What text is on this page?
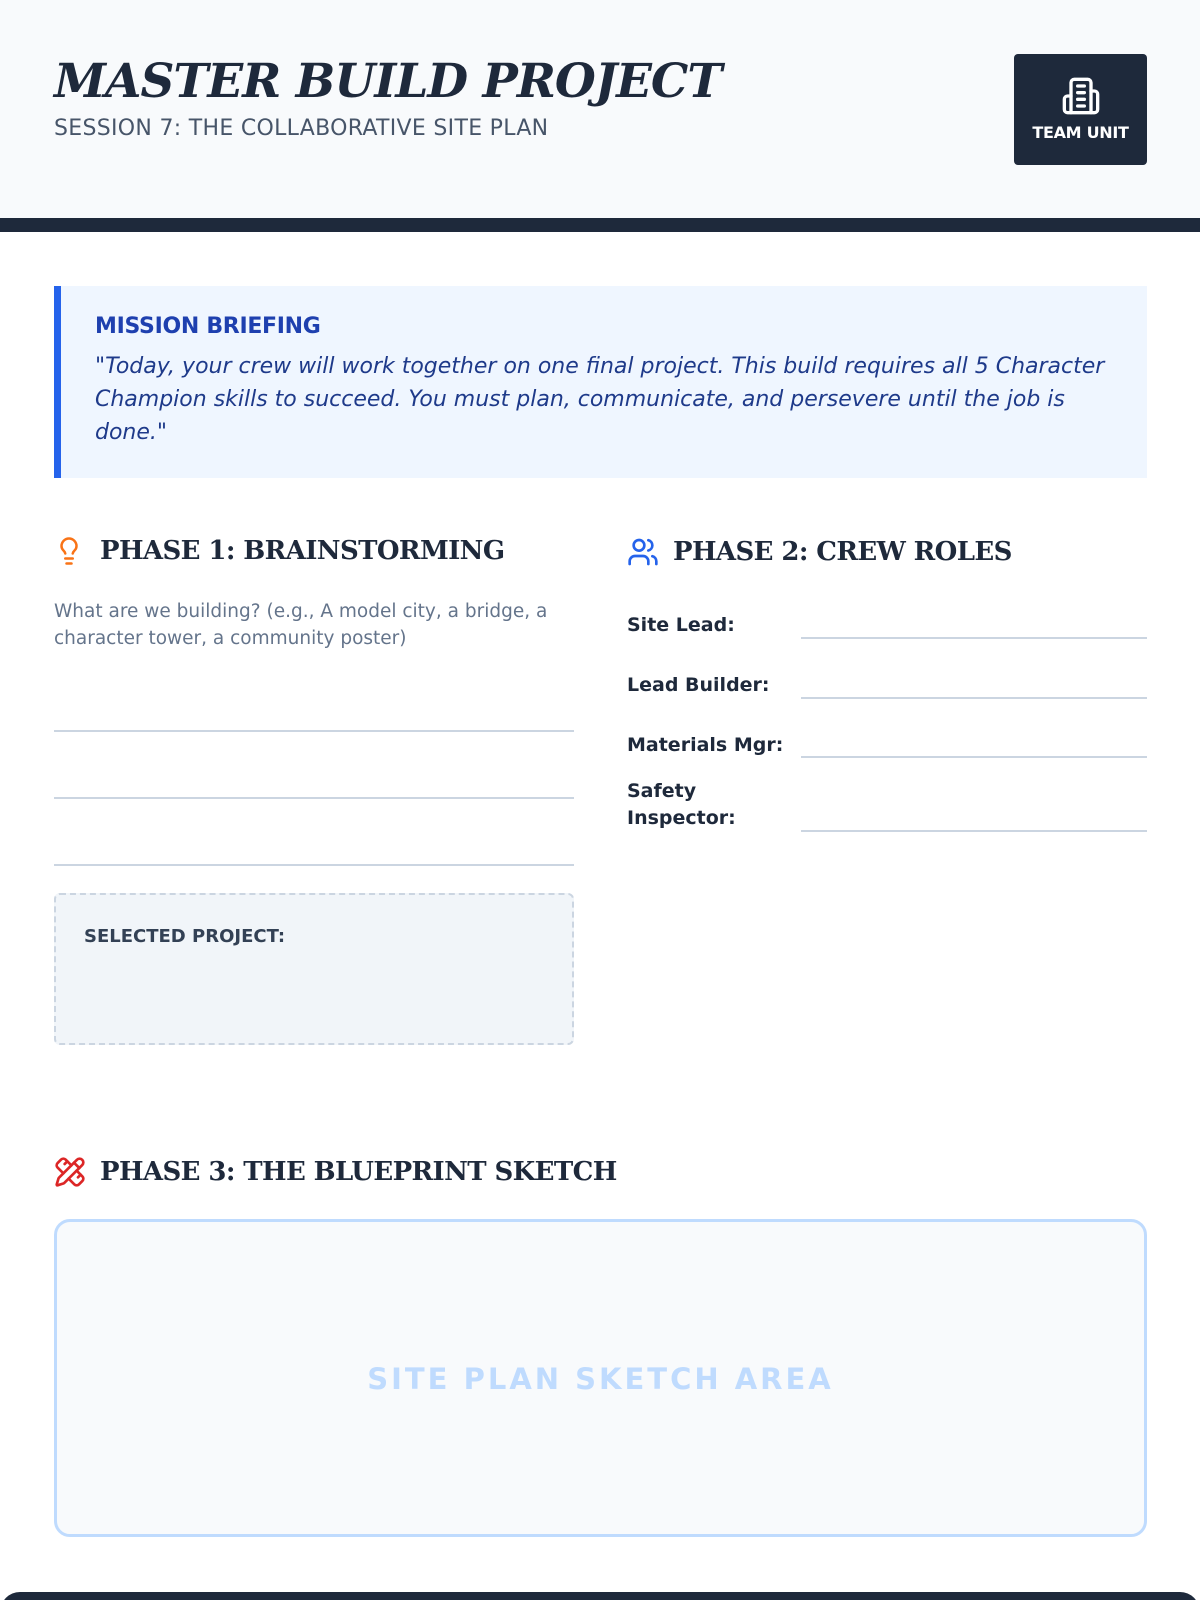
MASTER BUILD PROJECT
SESSION 7: THE COLLABORATIVE SITE PLAN	TEAM UNIT
MISSION BRIEFING
"Today, your crew will work together on one final project. This build requires all 5 Character Champion skills to succeed. You must plan, communicate, and persevere until the job is done."
PHASE 1: BRAINSTORMING
What are we building? (e.g., A model city, a bridge, a character tower, a community poster)
SELECTED PROJECT:
PHASE 2: CREW ROLES
Site Lead:
Lead Builder:
Materials Mgr:
Safety Inspector:
PHASE 3: THE BLUEPRINT SKETCH
SITE PLAN SKETCH AREA
